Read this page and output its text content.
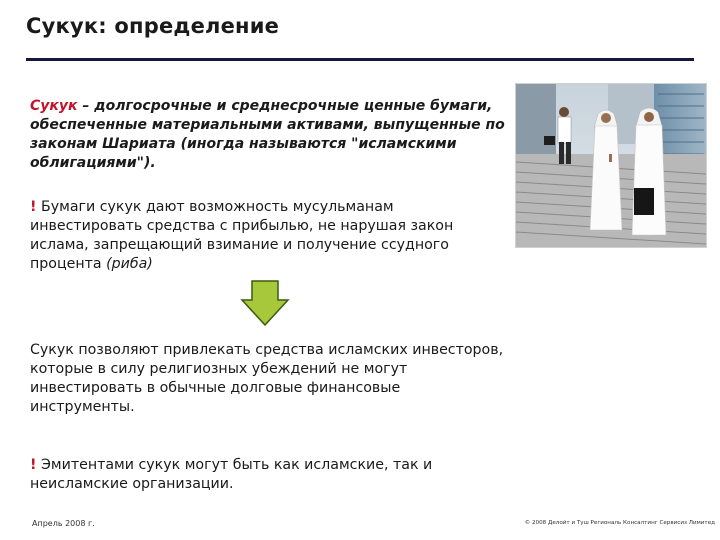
Сукук: определение
Сукук – долгосрочные и среднесрочные ценные бумаги, обеспеченные материальными активами, выпущенные по законам Шариата (иногда называются "исламскими облигациями").
! Бумаги сукук дают возможность мусульманам инвестировать средства с прибылью, не нарушая закон ислама, запрещающий взимание и получение ссудного процента (риба)
Сукук позволяют привлекать средства исламских инвесторов, которые в силу религиозных убеждений не могут инвестировать в обычные долговые финансовые инструменты.
! Эмитентами сукук могут быть как исламские, так и неисламские организации.
Апрель 2008 г.	© 2008 Делойт и Туш Региональ Консалтинг Сервисиз Лимитед
